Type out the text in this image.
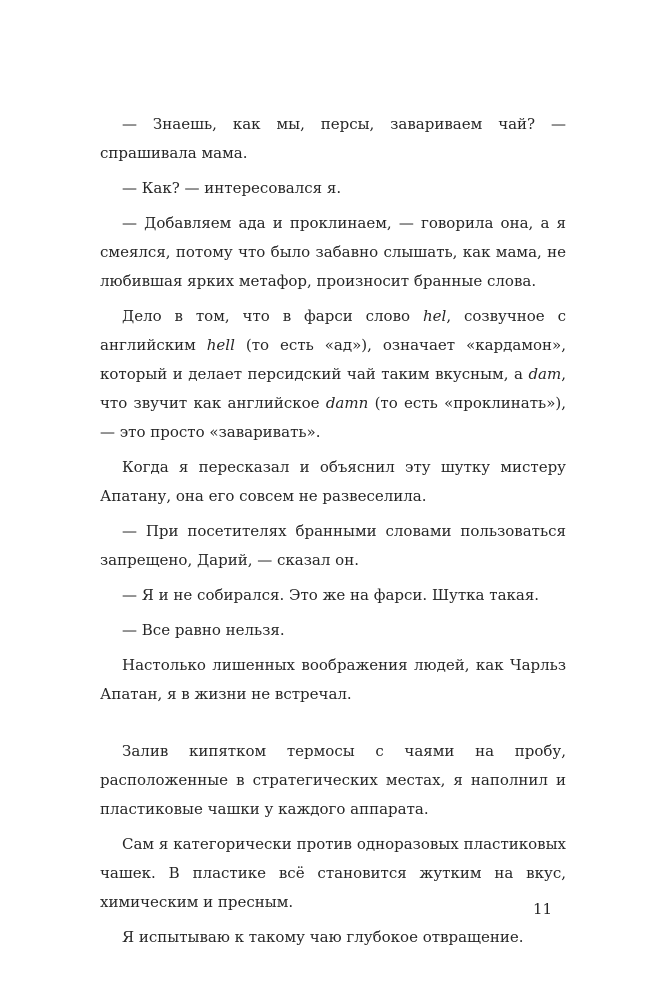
— Знаешь, как мы, персы, завариваем чай? — спрашивала мама.

— Как? — интересовался я.

— Добавляем ада и проклинаем, — говорила она, а я смеялся, потому что было забавно слышать, как мама, не любившая ярких метафор, произносит бранные слова.

Дело в том, что в фарси слово hel, созвучное с английским hell (то есть «ад»), означает «кардамон», который и делает персидский чай таким вкусным, а dam, что звучит как английское damn (то есть «проклинать»), — это просто «заваривать».

Когда я пересказал и объяснил эту шутку мистеру Апатану, она его совсем не развеселила.

— При посетителях бранными словами пользоваться запрещено, Дарий, — сказал он.

— Я и не собирался. Это же на фарси. Шутка такая.

— Все равно нельзя.

Настолько лишенных воображения людей, как Чарльз Апатан, я в жизни не встречал.

Залив кипятком термосы с чаями на пробу, расположенные в стратегических местах, я наполнил и пластиковые чашки у каждого аппарата.

Сам я категорически против одноразовых пластиковых чашек. В пластике всё становится жутким на вкус, химическим и пресным.

Я испытываю к такому чаю глубокое отвращение.

11
